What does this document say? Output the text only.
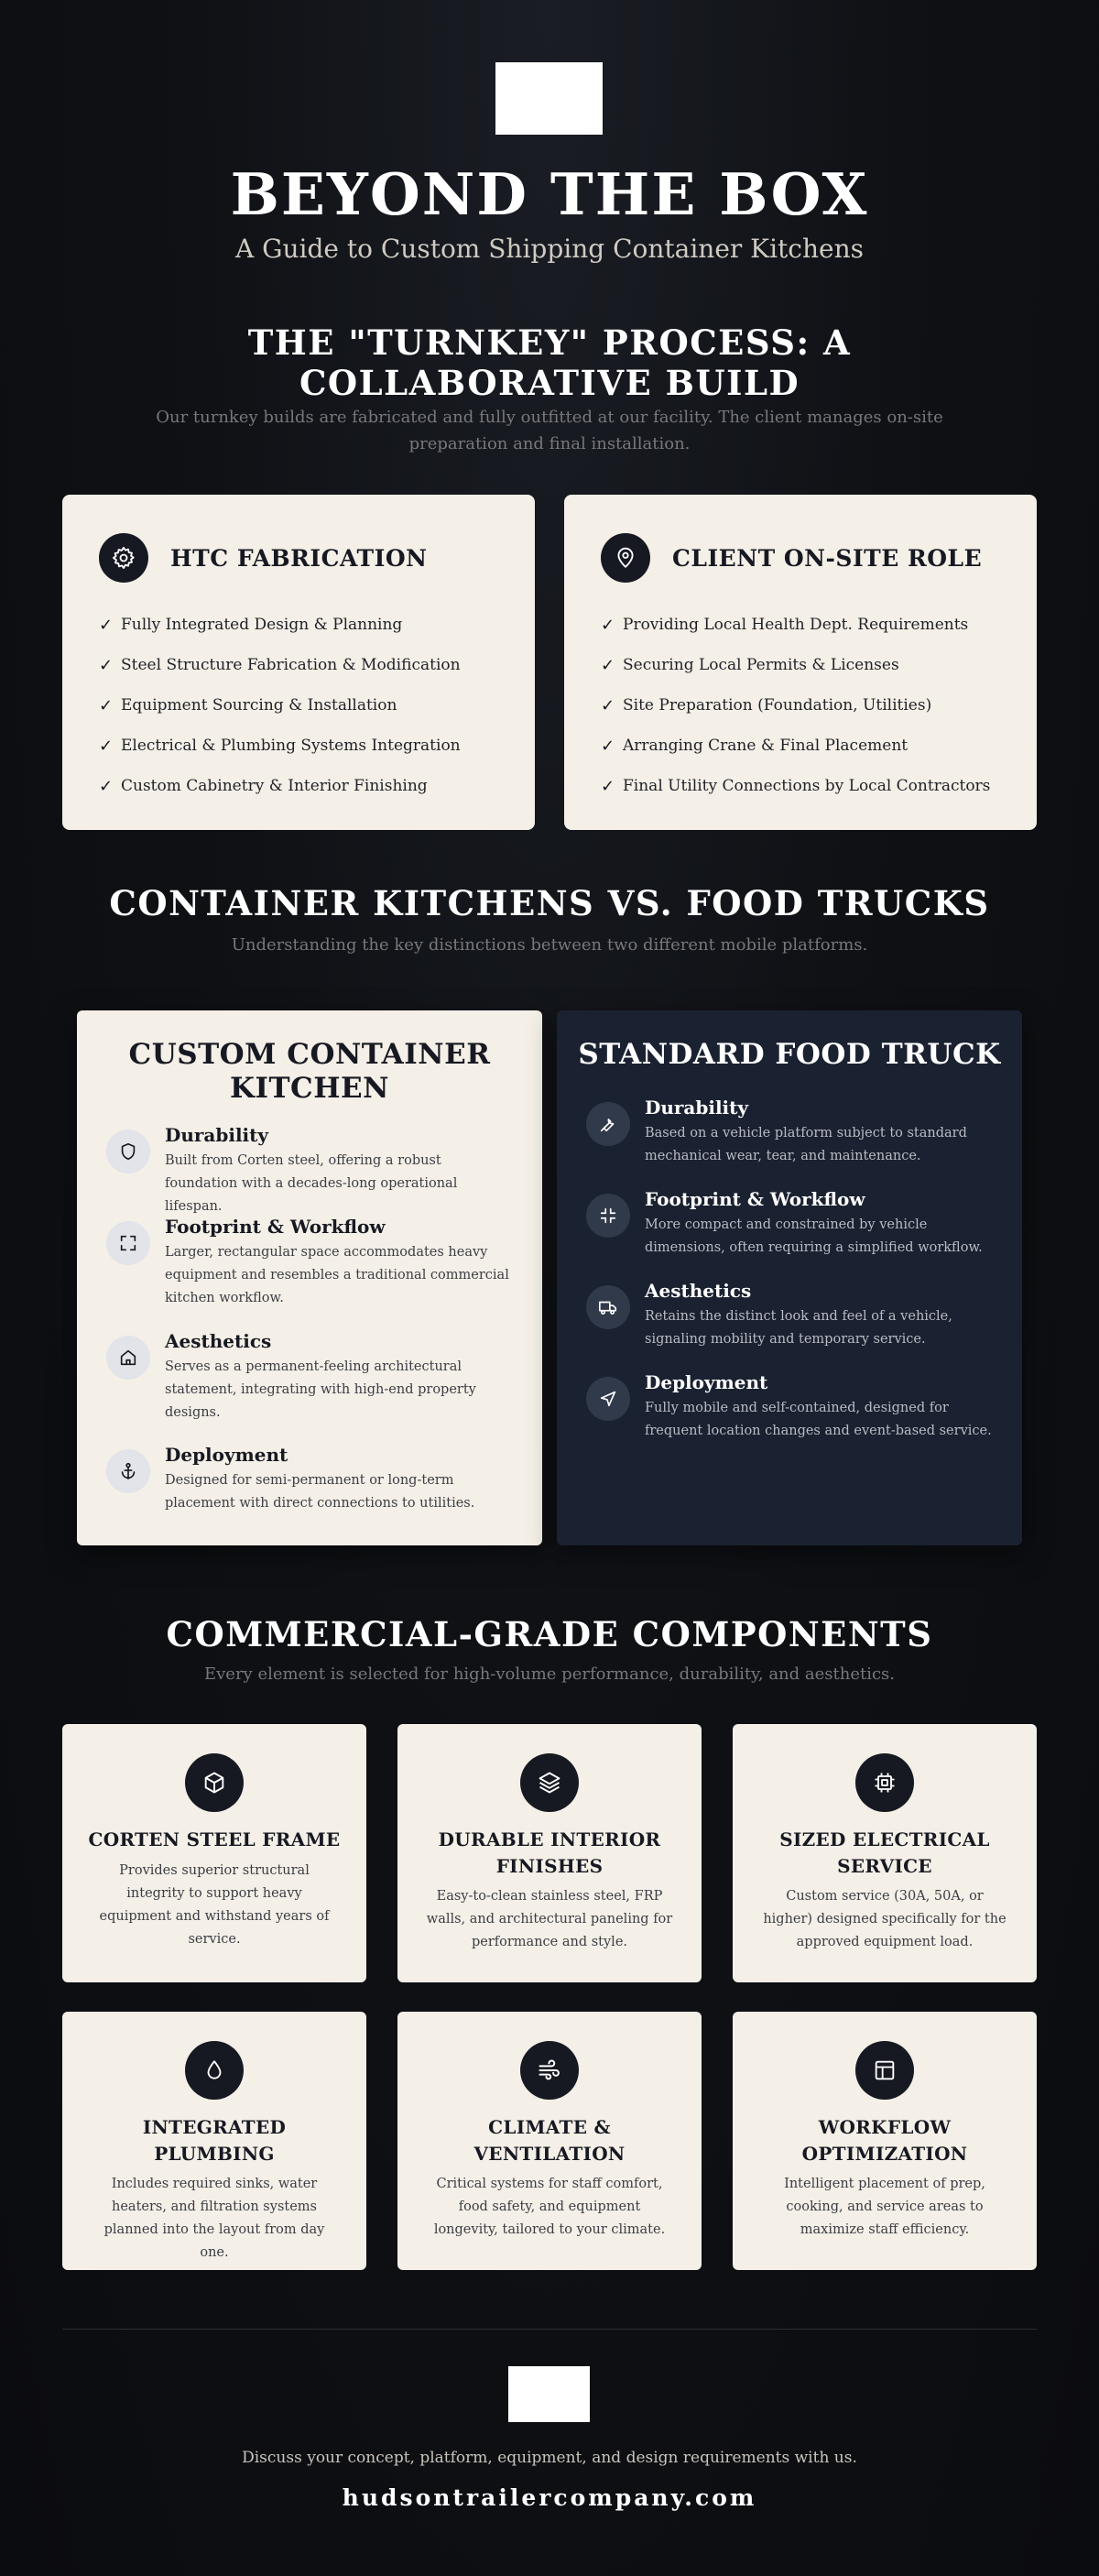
BEYOND THE BOX
A Guide to Custom Shipping Container Kitchens
THE "TURNKEY" PROCESS: A COLLABORATIVE BUILD
Our turnkey builds are fabricated and fully outfitted at our facility. The client manages on-site preparation and final installation.
HTC FABRICATION
✓ Fully Integrated Design & Planning
✓ Steel Structure Fabrication & Modification
✓ Equipment Sourcing & Installation
✓ Electrical & Plumbing Systems Integration
✓ Custom Cabinetry & Interior Finishing
CLIENT ON-SITE ROLE
✓ Providing Local Health Dept. Requirements
✓ Securing Local Permits & Licenses
✓ Site Preparation (Foundation, Utilities)
✓ Arranging Crane & Final Placement
✓ Final Utility Connections by Local Contractors
CONTAINER KITCHENS VS. FOOD TRUCKS
Understanding the key distinctions between two different mobile platforms.
CUSTOM CONTAINER KITCHEN
Durability
Built from Corten steel, offering a robust foundation with a decades-long operational lifespan.
Footprint & Workflow
Larger, rectangular space accommodates heavy equipment and resembles a traditional commercial kitchen workflow.
Aesthetics
Serves as a permanent-feeling architectural statement, integrating with high-end property designs.
Deployment
Designed for semi-permanent or long-term placement with direct connections to utilities.
STANDARD FOOD TRUCK
Durability
Based on a vehicle platform subject to standard mechanical wear, tear, and maintenance.
Footprint & Workflow
More compact and constrained by vehicle dimensions, often requiring a simplified workflow.
Aesthetics
Retains the distinct look and feel of a vehicle, signaling mobility and temporary service.
Deployment
Fully mobile and self-contained, designed for frequent location changes and event-based service.
COMMERCIAL-GRADE COMPONENTS
Every element is selected for high-volume performance, durability, and aesthetics.
CORTEN STEEL FRAME
Provides superior structural integrity to support heavy equipment and withstand years of service.
DURABLE INTERIOR FINISHES
Easy-to-clean stainless steel, FRP walls, and architectural paneling for performance and style.
SIZED ELECTRICAL SERVICE
Custom service (30A, 50A, or higher) designed specifically for the approved equipment load.
INTEGRATED PLUMBING
Includes required sinks, water heaters, and filtration systems planned into the layout from day one.
CLIMATE & VENTILATION
Critical systems for staff comfort, food safety, and equipment longevity, tailored to your climate.
WORKFLOW OPTIMIZATION
Intelligent placement of prep, cooking, and service areas to maximize staff efficiency.
Discuss your concept, platform, equipment, and design requirements with us.
hudsontrailercompany.com
